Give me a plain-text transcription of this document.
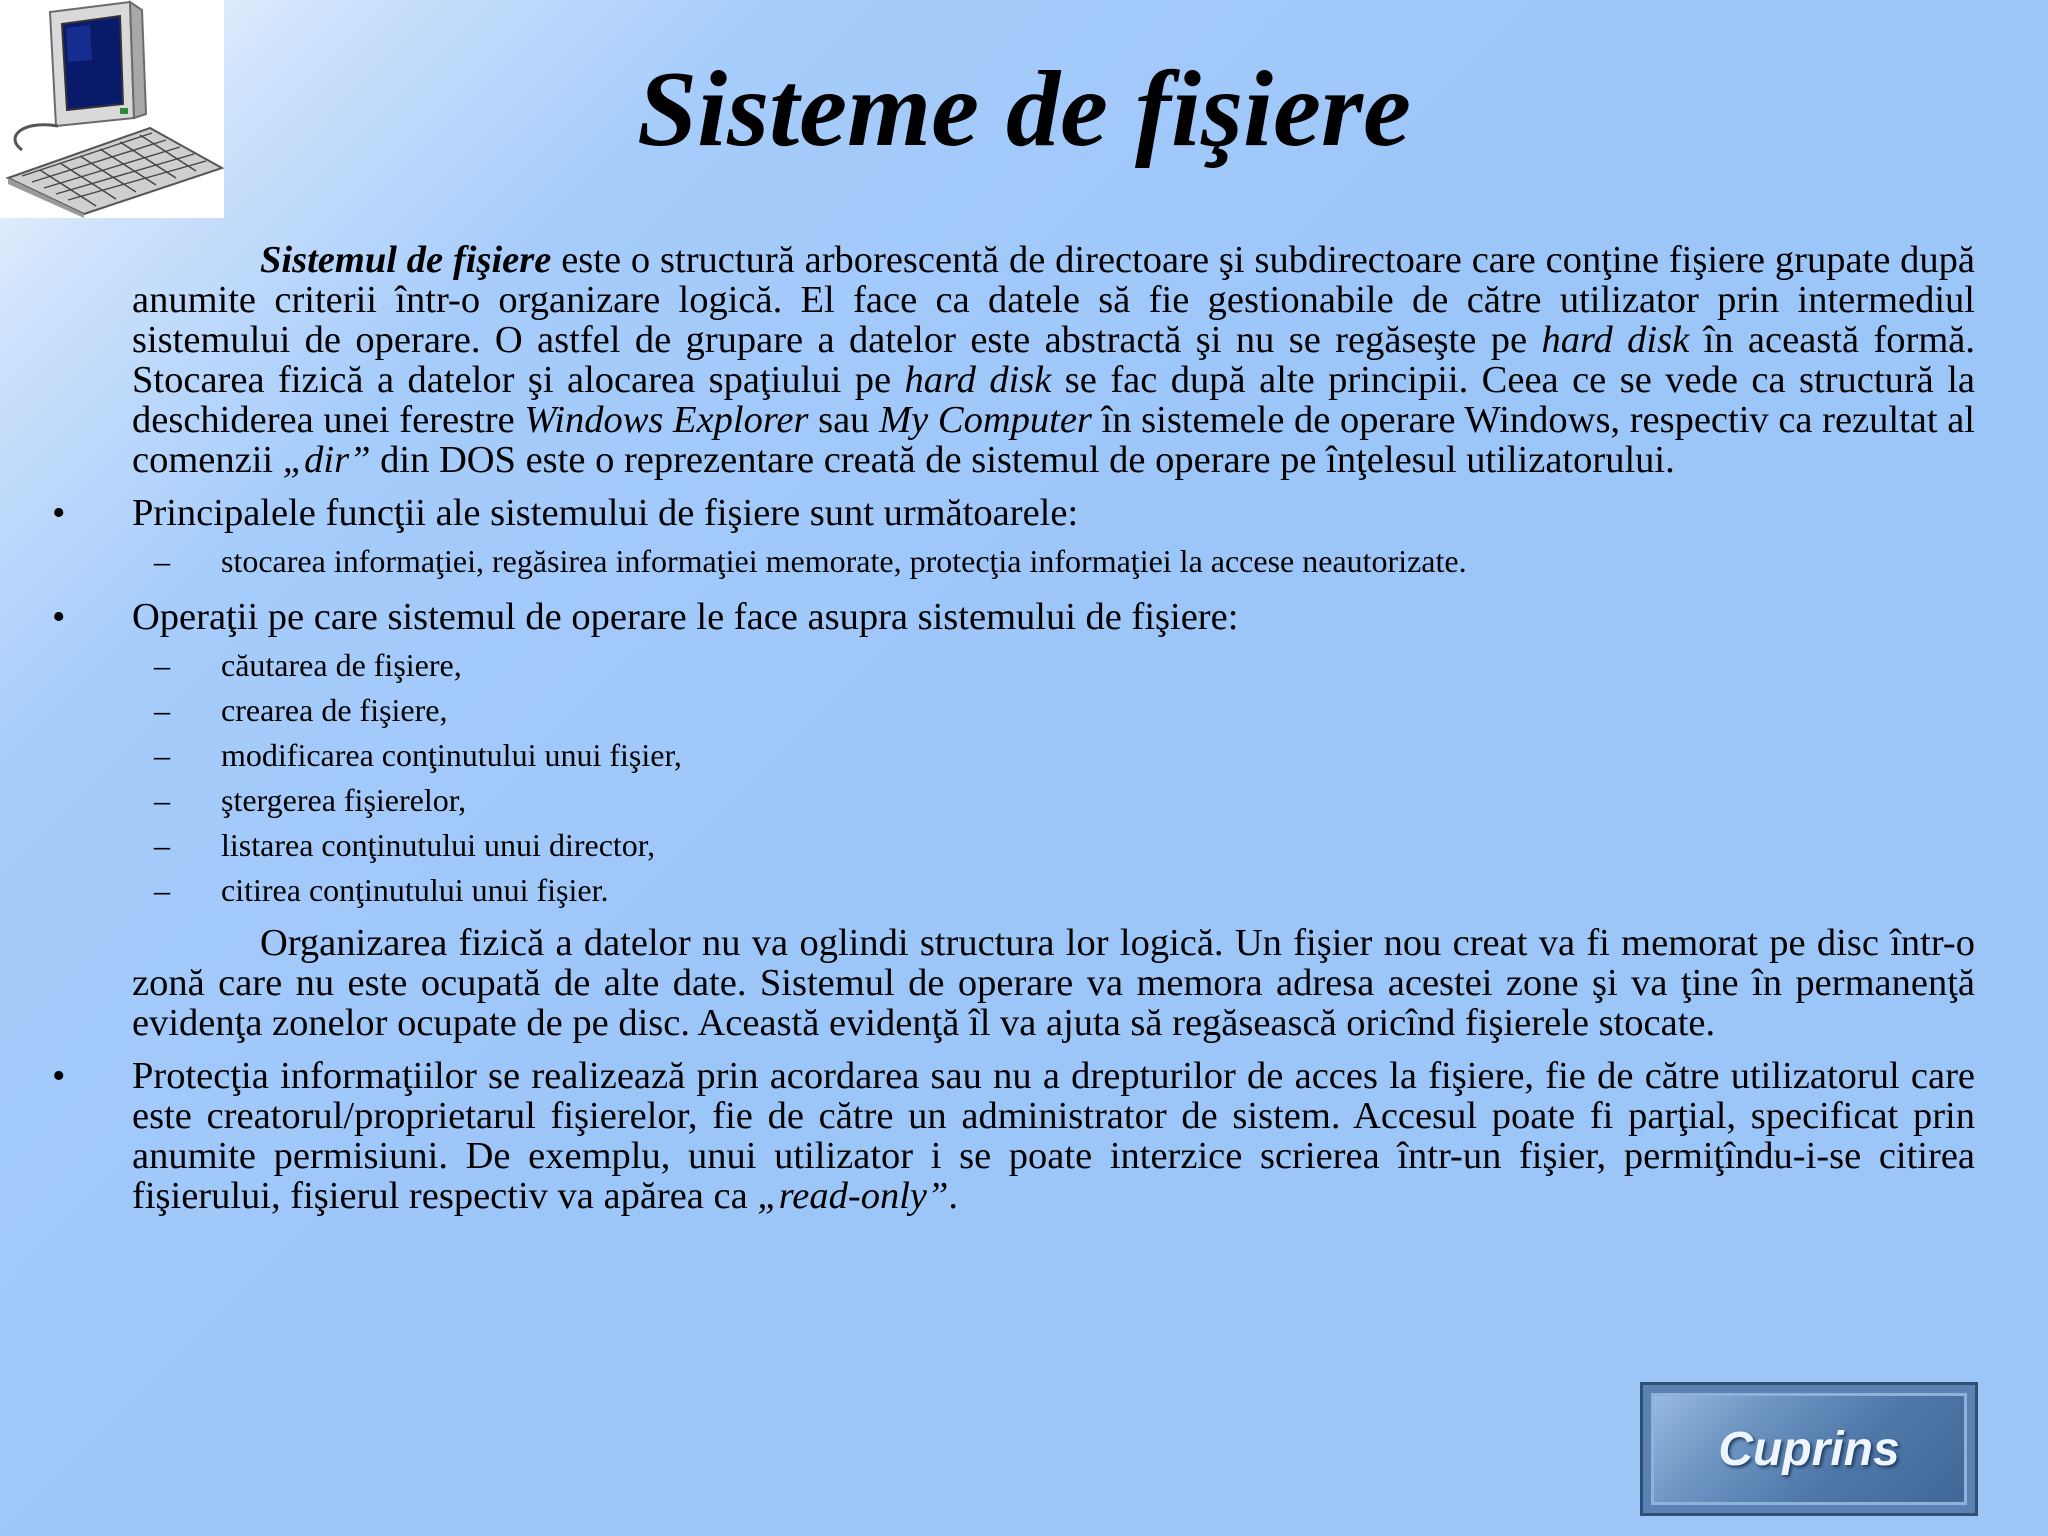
Sisteme de fişiere

Sistemul de fişiere este o structură arborescentă de directoare şi subdirectoare care conţine fişiere grupate după anumite criterii într-o organizare logică. El face ca datele să fie gestionabile de către utilizator prin intermediul sistemului de operare. O astfel de grupare a datelor este abstractă şi nu se regăseşte pe hard disk în această formă. Stocarea fizică a datelor şi alocarea spaţiului pe hard disk se fac după alte principii. Ceea ce se vede ca structură la deschiderea unei ferestre Windows Explorer sau My Computer în sistemele de operare Windows, respectiv ca rezultat al comenzii „dir” din DOS este o reprezentare creată de sistemul de operare pe înţelesul utilizatorului.

• Principalele funcţii ale sistemului de fişiere sunt următoarele:
– stocarea informaţiei, regăsirea informaţiei memorate, protecţia informaţiei la accese neautorizate.
• Operaţii pe care sistemul de operare le face asupra sistemului de fişiere:
– căutarea de fişiere,
– crearea de fişiere,
– modificarea conţinutului unui fişier,
– ştergerea fişierelor,
– listarea conţinutului unui director,
– citirea conţinutului unui fişier.

Organizarea fizică a datelor nu va oglindi structura lor logică. Un fişier nou creat va fi memorat pe disc într-o zonă care nu este ocupată de alte date. Sistemul de operare va memora adresa acestei zone şi va ţine în permanenţă evidenţa zonelor ocupate de pe disc. Această evidenţă îl va ajuta să regăsească oricînd fişierele stocate.

• Protecţia informaţiilor se realizează prin acordarea sau nu a drepturilor de acces la fişiere, fie de către utilizatorul care este creatorul/proprietarul fişierelor, fie de către un administrator de sistem. Accesul poate fi parţial, specificat prin anumite permisiuni. De exemplu, unui utilizator i se poate interzice scrierea într-un fişier, permiţîndu-i-se citirea fişierului, fişierul respectiv va apărea ca „read-only”.
Cuprins
